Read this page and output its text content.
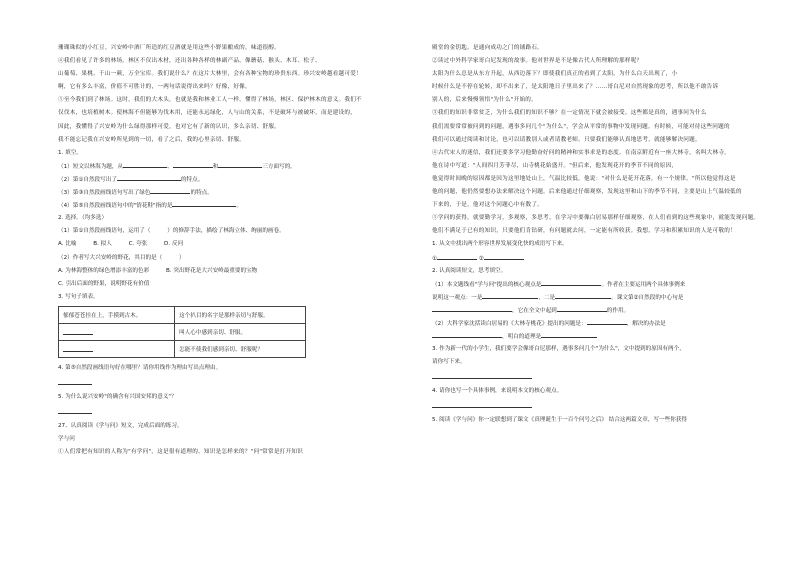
珊瑚珠似的小红豆。兴安岭中酒厂所造的红豆酒就是用这些小野果酿成的，味道很醇。
④我们看见了许多的林场。林区不仅出木材，还出各种各样的林副产品，像蘑菇、猴头、木耳、松子、
山葡萄、果桃、千山一蕨，万全宝库。我们说什么？在这片大林里，会有各种宝物的珍贵东西。珍兴安岭越看越可爱！
啊，它有多么丰富，价值不可胜计的，一两句话说得出来吗？好像，好像。
⑤至今我们到了林场。这时，我们的大木头，也就是我和林业工人一样，懂得了林场，林区、保护林木的意义。我们不
仅伐木，也培植树木。使林海不但能够为伐木用，还能永远绿化，人与山的关系，不是破坏与被破坏，而是建设的，
因此，我懂得了兴安岭为什么绿得那样可爱，也对它有了新的认识，多么亲切、舒服。
我不能忘记我在兴安岭所见到的一切，看了之后，我的心里亲切、舒服。
1. 填空。
（1）短文以林海为题，从	、	和	三方面写的。
（2）第①自然段写出了	的特点。
（3）第③自然段画线语句写出了绿色	的特点。
（4）第⑤自然段画线语句中的"情花鞋"指的是	。
2. 选择。（均多选）
（1）第①自然段画线语句，运用了（　　　）的修辞手法，描绘了林海立体、绚丽的画卷。
A. 比喻　　　B. 拟人　　　C. 夸张　　　D. 反问
（2）作者写大兴安岭的野花，其目的是（　　　）
A. 为林海整体的绿色增添丰富的色彩　　　B. 突出野花是大兴安岭最重要的宝物
C. 引出后面的野果，说明野花有价值
3. 写句子填表。
郁郁苍苍挂在上，手摸到古木。	这个扒目的名字是那样亲切与舒服。
	叫人心中感到亲切、舒服。
	怎能不使我们感到亲切、舒服呢？
4. 第⑤自然段画线语句好在哪里？请你用线作为理由写出点理由。
5. 为什么说兴安岭"的确含有兴国安邦的意义"？
27、认真阅读《学与问》短文，完成后面的练习。
学与问
①人们常把有知识的人称为"有学问"，这是很有道理的。知识是怎样来的？"问"常常是打开知识
殿堂的金钥匙。是通向成功之门的铺路石。
②读过中外科学家哥白尼发现的故事。他对世界是不是像古代人所理解的那样呢？
太阳为什么总是从东方升起，从西边落下？即使我们真正的看到了太阳，为什么白天出现了，小
时候什么是不停在轮转，却不出来了，是太阳地日子里出来了？……哥白尼对自然现象的思考，所以他不敢告诉
别人的，后来慢慢领悟"为什么"开始的。
③我们的知识非常贫乏，为什么我们的知识不够？在一定情况下就会被接受。这些都是真的，遇事问为什么
我们需要常常被问到的问题，遇事多问几个"为什么"，学会从平常的事物中发现问题。有时候，可能对待这些问题的
我们可以通过阅读和讨论，也可以请教别人或者请教老师。只要我们能够认真地思考，就能够解决问题。
④古代宋人的迷信，我们还要多学习他勤奋好问的精神和实事求是的态度。在南京附近有一座大林寺，名叫大林寺。
他在诗中写道："人间四月芳菲尽，山寺桃花始盛开。"但后来，他发现花开的季节不同的原因，
他觉得时间晚的原因都是因为这里地处山上，气温比较低。他说："对什么是花开花落，有一个规律。"所以他觉得这是
他的问题，他仍然要想办法来解决这个问题。后来他通过仔细观察，发现这里和山下的季节不同，主要是山上气温较低的
下来的，于是，他对这个问题心中有数了。
⑤学问的获得，就要勤学习，多观察，多思考。在学习中要像白居易那样仔细观察，在人们看到的这些现象中，就能发现问题。
他们不满足于已有的知识，只要他们肯钻研，有问题就去问，一定能有所收获。我想，学习和积累知识的人是可敬的！
1. 从文中找出两个形容世界发展变化快的成语写下来。
①	②
2. 认真阅读短文，思考填空。
（1）本文题线看"学与问"提出的核心观点是	。作者在主要运用两个具体事例来
说明这一观点：一是	，二是	。课文第②自然段的中心句是
，它在全文中起到	的作用。
（2）大科学家沈括读白居易的《大林寺桃花》提出的问题是：	，解决的办法是
，明白的道理是
3. 作为新一代的小学生，我们要学会像哥白尼那样，遇事多问几个"为什么"，文中提到的原因有两个，
请你写下来。
4. 请你也写一个具体事例，来说明本文的核心观点。
5. 阅读《学与问》你一定联想到了课文《真理诞生于一百个问号之后》 结合这两篇文章，写一些你获得
